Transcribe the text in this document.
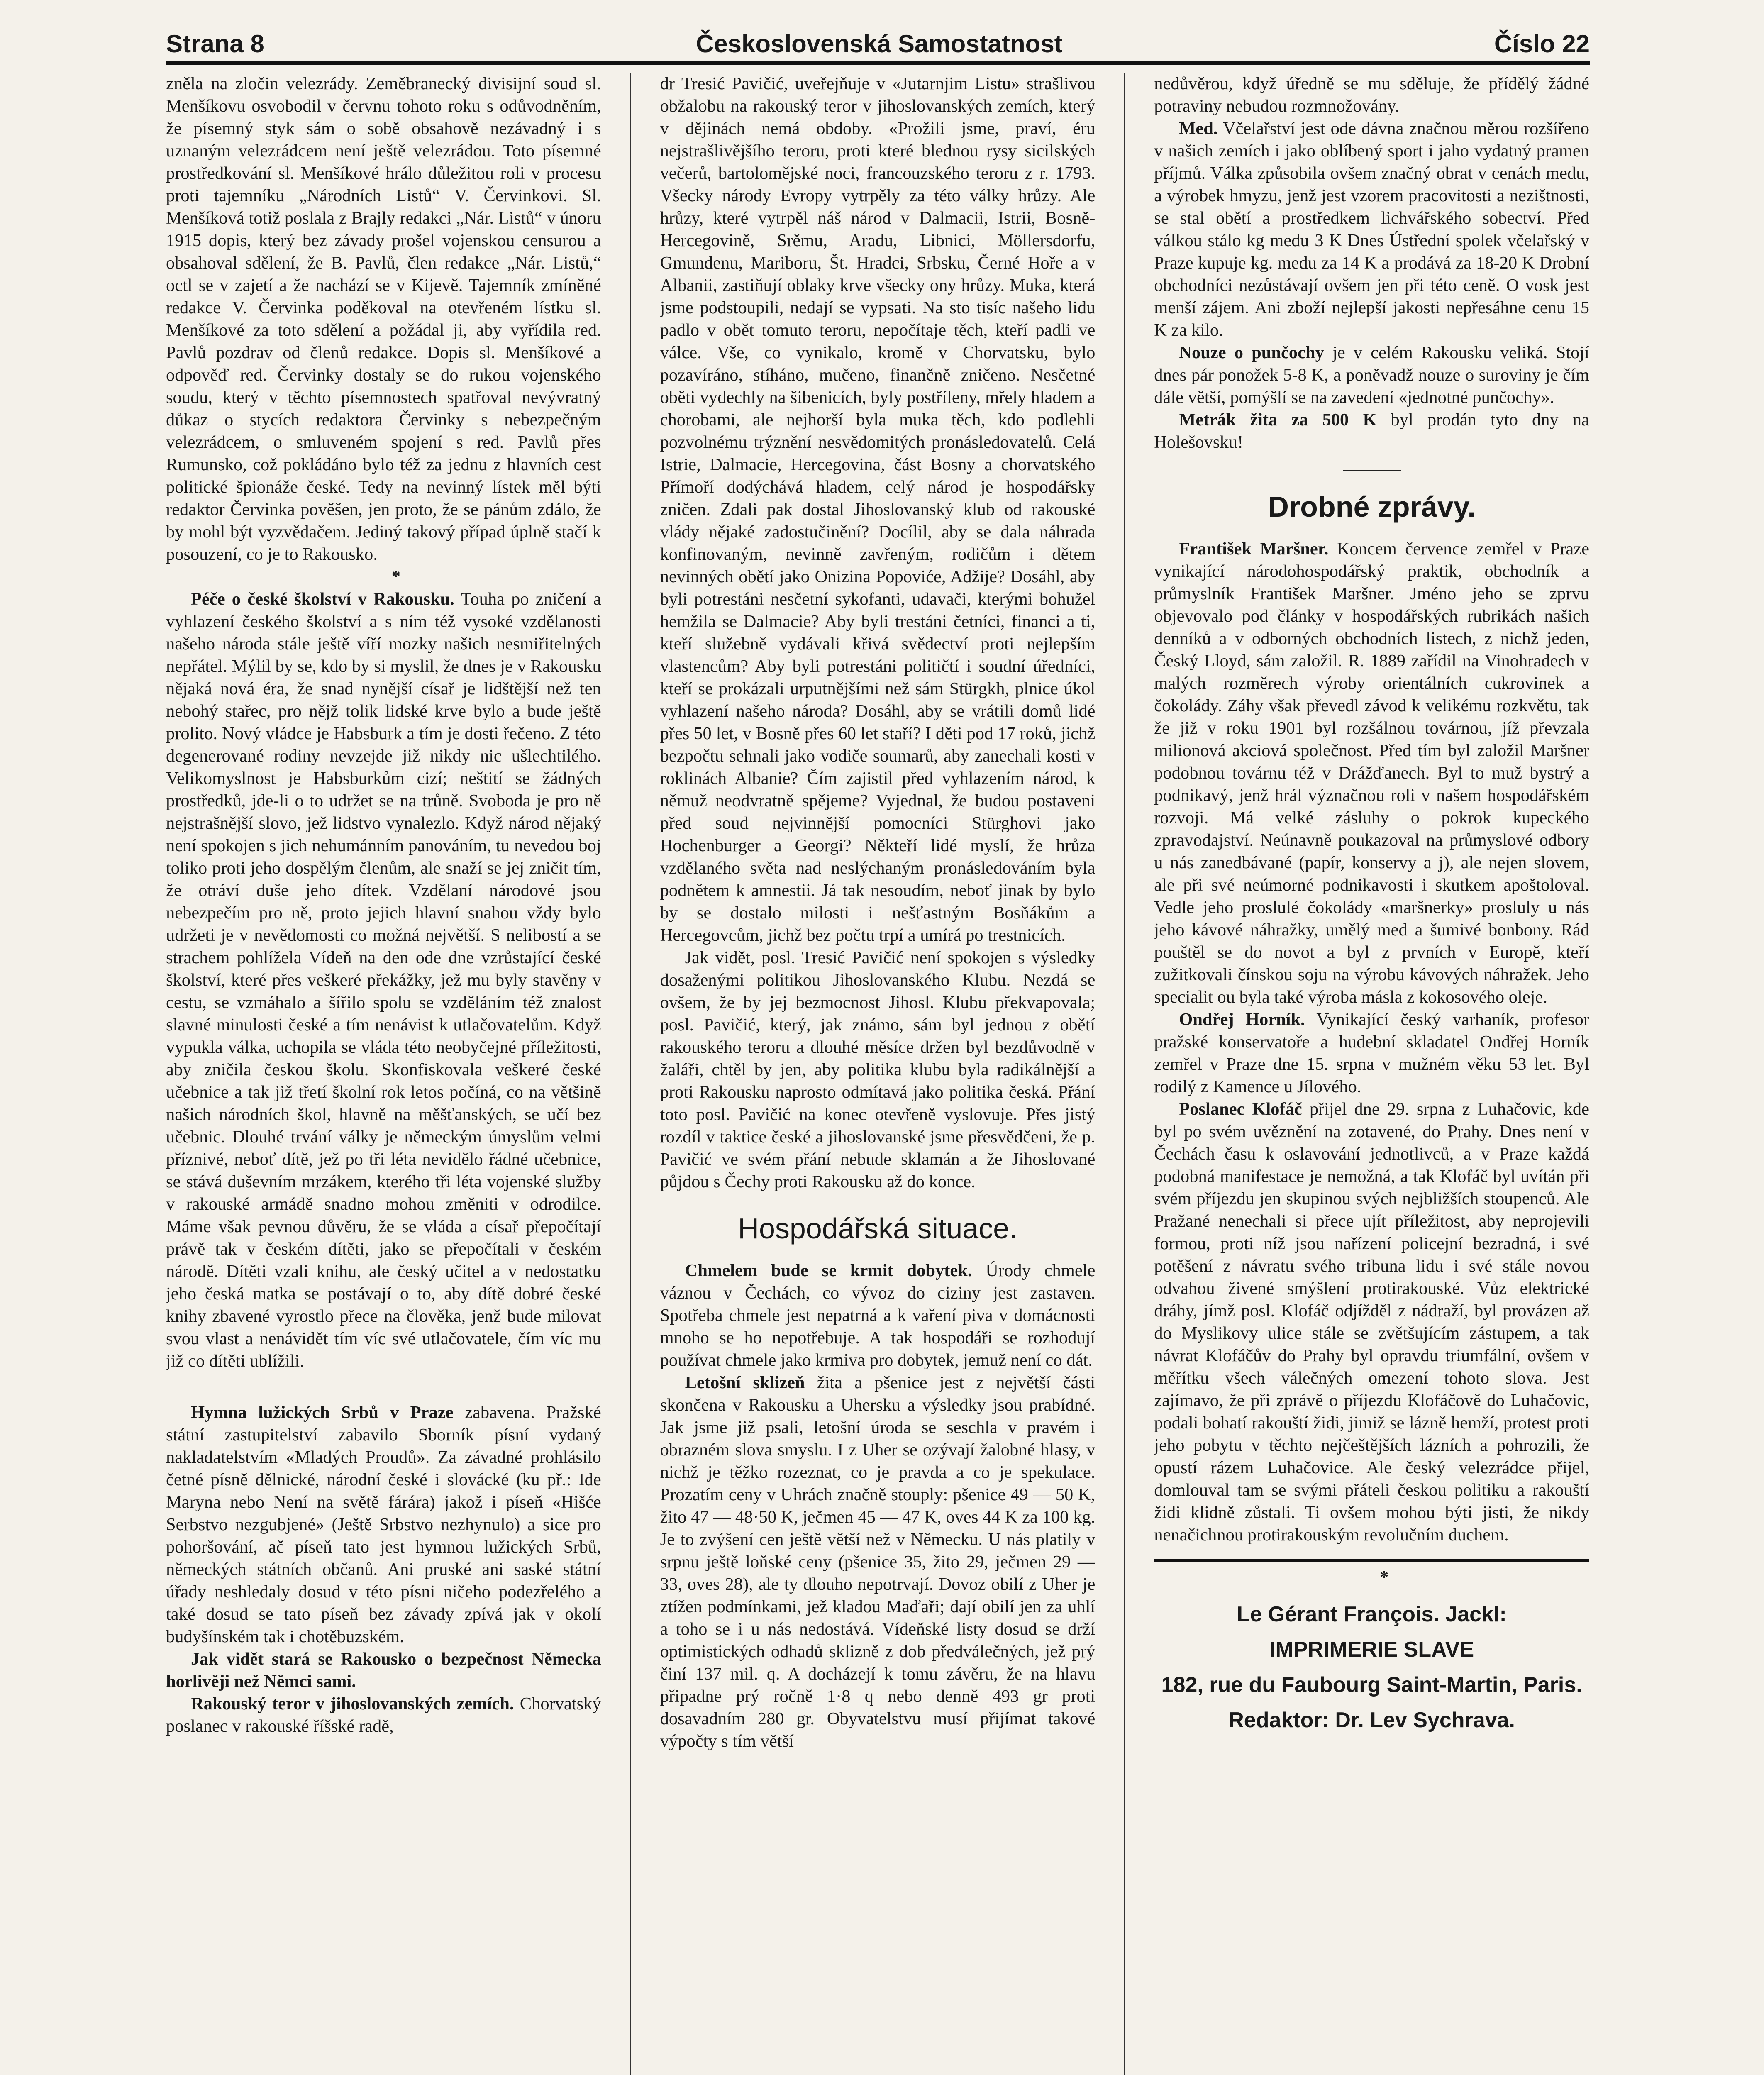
Strana 8	Československá Samostatnost	Číslo 22

zněla na zločin velezrády. Zeměbranecký divisijní soud sl. Menšíkovu osvobodil v červnu tohoto roku s odůvodněním, že písemný styk sám o sobě obsahově nezávadný i s uznaným velezrádcem není ještě velezrádou. Toto písemné prostředkování sl. Menšíkové hrálo důležitou roli v procesu proti tajemníku „Národních Listů“ V. Červinkovi. Sl. Menšíková totiž poslala z Brajly redakci „Nár. Listů“ v únoru 1915 dopis, který bez závady prošel vojenskou censurou a obsahoval sdělení, že B. Pavlů, člen redakce „Nár. Listů,“ octl se v zajetí a že nachází se v Kijevě. Tajemník zmíněné redakce V. Červinka poděkoval na otevřeném lístku sl. Menšíkové za toto sdělení a požádal ji, aby vyřídila red. Pavlů pozdrav od členů redakce. Dopis sl. Menšíkové a odpověď red. Červinky dostaly se do rukou vojenského soudu, který v těchto písemnostech spatřoval nevývratný důkaz o stycích redaktora Červinky s nebezpečným velezrádcem, o smluveném spojení s red. Pavlů přes Rumunsko, což pokládáno bylo též za jednu z hlavních cest politické špionáže české. Tedy na nevinný lístek měl býti redaktor Červinka pověšen, jen proto, že se pánům zdálo, že by mohl být vyzvědačem. Jediný takový případ úplně stačí k posouzení, co je to Rakousko.

*

Péče o české školství v Rakousku. Touha po zničení a vyhlazení českého školství a s ním též vysoké vzdělanosti našeho národa stále ještě víří mozky našich nesmiřitelných nepřátel. Mýlil by se, kdo by si myslil, že dnes je v Rakousku nějaká nová éra, že snad nynější císař je lidštější než ten nebohý stařec, pro nějž tolik lidské krve bylo a bude ještě prolito. Nový vládce je Habsburk a tím je dosti řečeno. Z této degenerované rodiny nevzejde již nikdy nic ušlechtilého. Velikomyslnost je Habsburkům cizí; neštití se žádných prostředků, jde-li o to udržet se na trůně. Svoboda je pro ně nejstrašnější slovo, jež lidstvo vynalezlo. Když národ nějaký není spokojen s jich nehumánním panováním, tu nevedou boj toliko proti jeho dospělým členům, ale snaží se jej zničit tím, že otráví duše jeho dítek. Vzdělaní národové jsou nebezpečím pro ně, proto jejich hlavní snahou vždy bylo udržeti je v nevědomosti co možná největší. S nelibostí a se strachem pohlížela Vídeň na den ode dne vzrůstající české školství, které přes veškeré překážky, jež mu byly stavěny v cestu, se vzmáhalo a šířilo spolu se vzděláním též znalost slavné minulosti české a tím nenávist k utlačovatelům. Když vypukla válka, uchopila se vláda této neobyčejné příležitosti, aby zničila českou školu. Skonfiskovala veškeré české učebnice a tak již třetí školní rok letos počíná, co na většině našich národních škol, hlavně na měšťanských, se učí bez učebnic. Dlouhé trvání války je německým úmyslům velmi příznivé, neboť dítě, jež po tři léta nevidělo řádné učebnice, se stává duševním mrzákem, kterého tři léta vojenské služby v rakouské armádě snadno mohou změniti v odrodilce. Máme však pevnou důvěru, že se vláda a císař přepočítají právě tak v českém dítěti, jako se přepočítali v českém národě. Dítěti vzali knihu, ale český učitel a v nedostatku jeho česká matka se postávají o to, aby dítě dobré české knihy zbavené vyrostlo přece na člověka, jenž bude milovat svou vlast a nenávidět tím víc své utlačovatele, čím víc mu již co dítěti ublížili.

Hymna lužických Srbů v Praze zabavena. Pražské státní zastupitelství zabavilo Sborník písní vydaný nakladatelstvím «Mladých Proudů». Za závadné prohlásilo četné písně dělnické, národní české i slovácké (ku př.: Ide Maryna nebo Není na světě fárára) jakož i píseň «Hišće Serbstvo nezgubjené» (Ještě Srbstvo nezhynulo) a sice pro pohoršování, ač píseň tato jest hymnou lužických Srbů, německých státních občanů. Ani pruské ani saské státní úřady neshledaly dosud v této písni ničeho podezřelého a také dosud se tato píseň bez závady zpívá jak v okolí budyšínském tak i chotěbuzském.

Jak vidět stará se Rakousko o bezpečnost Německa horlivěji než Němci sami.

Rakouský teror v jihoslovanských zemích. Chorvatský poslanec v rakouské říšské radě,

dr Tresić Pavičić, uveřejňuje v «Jutarnjim Listu» strašlivou obžalobu na rakouský teror v jihoslovanských zemích, který v dějinách nemá obdoby. «Prožili jsme, praví, éru nejstrašlivějšího teroru, proti které blednou rysy sicilských večerů, bartolomějské noci, francouzského teroru z r. 1793. Všecky národy Evropy vytrpěly za této války hrůzy. Ale hrůzy, které vytrpěl náš národ v Dalmacii, Istrii, Bosně-Hercegovině, Srěmu, Aradu, Libnici, Möllersdorfu, Gmundenu, Mariboru, Št. Hradci, Srbsku, Černé Hoře a v Albanii, zastiňují oblaky krve všecky ony hrůzy. Muka, která jsme podstoupili, nedají se vypsati. Na sto tisíc našeho lidu padlo v obět tomuto teroru, nepočítaje těch, kteří padli ve válce. Vše, co vynikalo, kromě v Chorvatsku, bylo pozavíráno, stíháno, mučeno, finančně zničeno. Nesčetné oběti vydechly na šibenicích, byly postříleny, mřely hladem a chorobami, ale nejhorší byla muka těch, kdo podlehli pozvolnému trýznění nesvědomitých pronásledovatelů. Celá Istrie, Dalmacie, Hercegovina, část Bosny a chorvatského Přímoří dodýchává hladem, celý národ je hospodářsky zničen. Zdali pak dostal Jihoslovanský klub od rakouské vlády nějaké zadostučinění? Docílil, aby se dala náhrada konfinovaným, nevinně zavřeným, rodičům i dětem nevinných obětí jako Onizina Popoviće, Adžije? Dosáhl, aby byli potrestáni nesčetní sykofanti, udavači, kterými bohužel hemžila se Dalmacie? Aby byli trestáni četníci, financi a ti, kteří služebně vydávali křivá svědectví proti nejlepším vlastencům? Aby byli potrestáni političtí i soudní úředníci, kteří se prokázali urputnějšími než sám Stürgkh, plnice úkol vyhlazení našeho národa? Dosáhl, aby se vrátili domů lidé přes 50 let, v Bosně přes 60 let staří? I děti pod 17 roků, jichž bezpočtu sehnali jako vodiče soumarů, aby zanechali kosti v roklinách Albanie? Čím zajistil před vyhlazením národ, k němuž neodvratně spějeme? Vyjednal, že budou postaveni před soud nejvinnější pomocníci Stürghovi jako Hochenburger a Georgi? Někteří lidé myslí, že hrůza vzdělaného světa nad neslýchaným pronásledováním byla podnětem k amnestii. Já tak nesoudím, neboť jinak by bylo by se dostalo milosti i nešťastným Bosňákům a Hercegovcům, jichž bez počtu trpí a umírá po trestnicích.

Jak vidět, posl. Tresić Pavičić není spokojen s výsledky dosaženými politikou Jihoslovanského Klubu. Nezdá se ovšem, že by jej bezmocnost Jihosl. Klubu překvapovala; posl. Pavičić, který, jak známo, sám byl jednou z obětí rakouského teroru a dlouhé měsíce držen byl bezdůvodně v žaláři, chtěl by jen, aby politika klubu byla radikálnější a proti Rakousku naprosto odmítavá jako politika česká. Přání toto posl. Pavičić na konec otevřeně vyslovuje. Přes jistý rozdíl v taktice české a jihoslovanské jsme přesvědčeni, že p. Pavičić ve svém přání nebude sklamán a že Jihoslované půjdou s Čechy proti Rakousku až do konce.

Hospodářská situace.

Chmelem bude se krmit dobytek. Úrody chmele váznou v Čechách, co vývoz do ciziny jest zastaven. Spotřeba chmele jest nepatrná a k vaření piva v domácnosti mnoho se ho nepotřebuje. A tak hospodáři se rozhodují používat chmele jako krmiva pro dobytek, jemuž není co dát.

Letošní sklizeň žita a pšenice jest z největší části skončena v Rakousku a Uhersku a výsledky jsou prabídné. Jak jsme již psali, letošní úroda se seschla v pravém i obrazném slova smyslu. I z Uher se ozývají žalobné hlasy, v nichž je těžko rozeznat, co je pravda a co je spekulace. Prozatím ceny v Uhrách značně stouply: pšenice 49 — 50 K, žito 47 — 48·50 K, ječmen 45 — 47 K, oves 44 K za 100 kg. Je to zvýšení cen ještě větší než v Německu. U nás platily v srpnu ještě loňské ceny (pšenice 35, žito 29, ječmen 29 — 33, oves 28), ale ty dlouho nepotrvají. Dovoz obilí z Uher je ztížen podmínkami, jež kladou Maďaři; dají obilí jen za uhlí a toho se i u nás nedostává. Vídeňské listy dosud se drží optimistických odhadů sklizně z dob předválečných, jež prý činí 137 mil. q. A docházejí k tomu závěru, že na hlavu připadne prý ročně 1·8 q nebo denně 493 gr proti dosavadním 280 gr. Obyvatelstvu musí přijímat takové výpočty s tím větší

nedůvěrou, když úředně se mu sděluje, že přídělý žádné potraviny nebudou rozmnožovány.

Med. Včelařství jest ode dávna značnou měrou rozšířeno v našich zemích i jako oblíbený sport i jaho vydatný pramen příjmů. Válka způsobila ovšem značný obrat v cenách medu, a výrobek hmyzu, jenž jest vzorem pracovitosti a nezištnosti, se stal obětí a prostředkem lichvářského sobectví. Před válkou stálo kg medu 3 K Dnes Ústřední spolek včelařský v Praze kupuje kg. medu za 14 K a prodává za 18-20 K Drobní obchodníci nezůstávají ovšem jen při této ceně. O vosk jest menší zájem. Ani zboží nejlepší jakosti nepřesáhne cenu 15 K za kilo.

Nouze o punčochy je v celém Rakousku veliká. Stojí dnes pár ponožek 5-8 K, a poněvadž nouze o suroviny je čím dále větší, pomýšlí se na zavedení «jednotné punčochy».

Metrák žita za 500 K byl prodán tyto dny na Holešovsku!

Drobné zprávy.

František Maršner. Koncem července zemřel v Praze vynikající národohospodářský praktik, obchodník a průmyslník František Maršner. Jméno jeho se zprvu objevovalo pod články v hospodářských rubrikách našich denníků a v odborných obchodních listech, z nichž jeden, Český Lloyd, sám založil. R. 1889 zařídil na Vinohradech v malých rozměrech výroby orientálních cukrovinek a čokolády. Záhy však převedl závod k velikému rozkvětu, tak že již v roku 1901 byl rozšálnou továrnou, jíž převzala milionová akciová společnost. Před tím byl založil Maršner podobnou továrnu též v Drážďanech. Byl to muž bystrý a podnikavý, jenž hrál význačnou roli v našem hospodářském rozvoji. Má velké zásluhy o pokrok kupeckého zpravodajství. Neúnavně poukazoval na průmyslové odbory u nás zanedbávané (papír, konservy a j), ale nejen slovem, ale při své neúmorné podnikavosti i skutkem apoštoloval. Vedle jeho proslulé čokolády «maršnerky» prosluly u nás jeho kávové náhražky, umělý med a šumivé bonbony. Rád pouštěl se do novot a byl z prvních v Europě, kteří zužitkovali čínskou soju na výrobu kávových náhražek. Jeho specialit ou byla také výroba másla z kokosového oleje.

Ondřej Horník. Vynikající český varhaník, profesor pražské konservatoře a hudební skladatel Ondřej Horník zemřel v Praze dne 15. srpna v mužném věku 53 let. Byl rodilý z Kamence u Jílového.

Poslanec Klofáč přijel dne 29. srpna z Luhačovic, kde byl po svém uvěznění na zotavené, do Prahy. Dnes není v Čechách času k oslavování jednotlivců, a v Praze každá podobná manifestace je nemožná, a tak Klofáč byl uvítán při svém příjezdu jen skupinou svých nejbližších stoupenců. Ale Pražané nenechali si přece ujít příležitost, aby neprojevili formou, proti níž jsou nařízení policejní bezradná, i své potěšení z návratu svého tribuna lidu i své stále novou odvahou živené smýšlení protirakouské. Vůz elektrické dráhy, jímž posl. Klofáč odjížděl z nádraží, byl provázen až do Myslikovy ulice stále se zvětšujícím zástupem, a tak návrat Klofáčův do Prahy byl opravdu triumfální, ovšem v měřítku všech válečných omezení tohoto slova. Jest zajímavo, že při zprávě o příjezdu Klofáčově do Luhačovic, podali bohatí rakouští židi, jimiž se lázně hemží, protest proti jeho pobytu v těchto nejčeštějších lázních a pohrozili, že opustí rázem Luhačovice. Ale český velezrádce přijel, domlouval tam se svými přáteli českou politiku a rakouští židi klidně zůstali. Ti ovšem mohou býti jisti, že nikdy nenačichnou protirakouským revolučním duchem.

*

Le Gérant François. Jackl:
IMPRIMERIE SLAVE
182, rue du Faubourg Saint-Martin, Paris.
Redaktor: Dr. Lev Sychrava.
